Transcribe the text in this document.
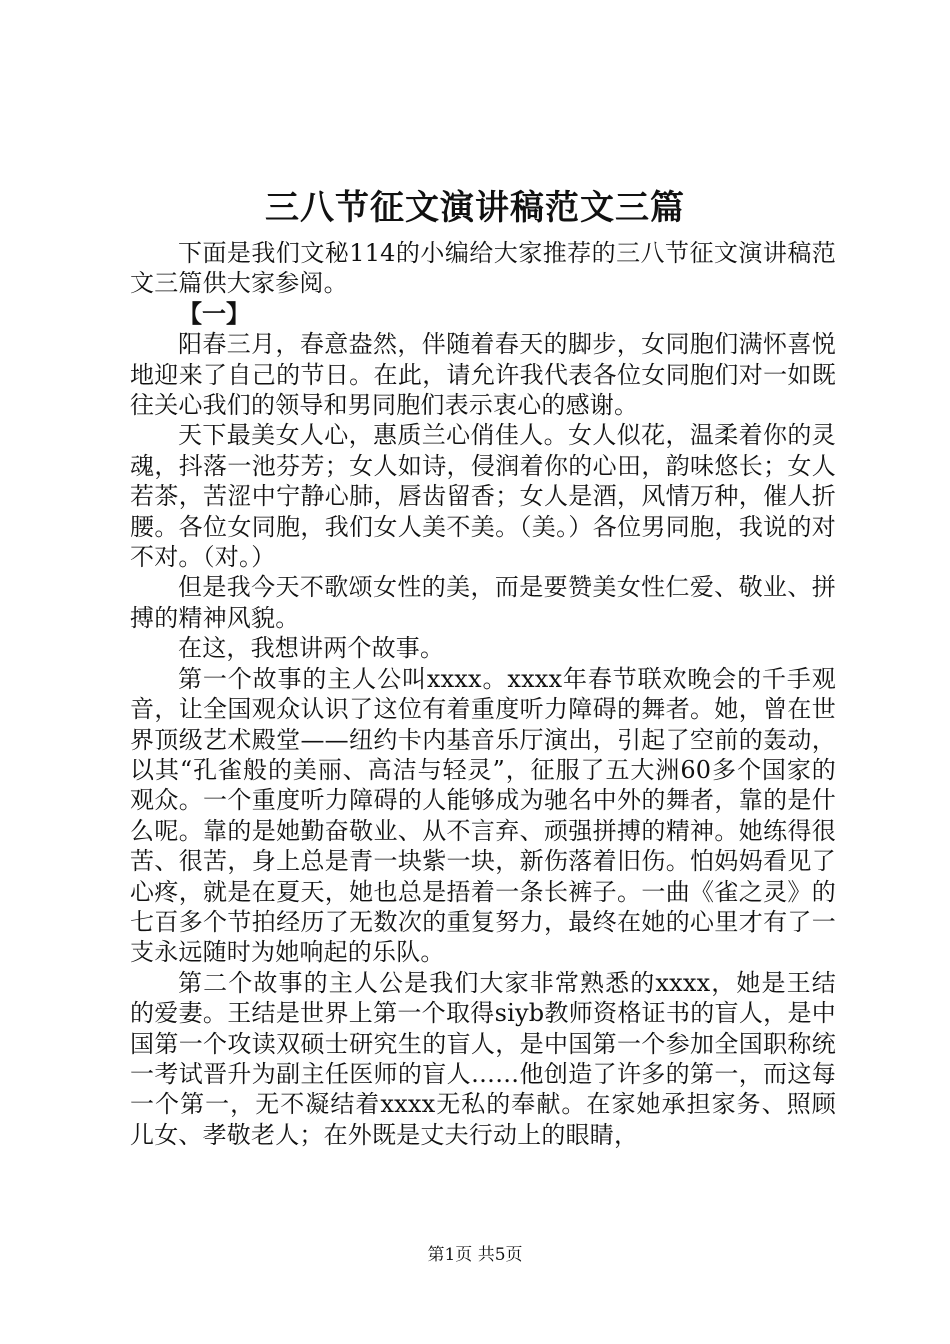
三八节征文演讲稿范文三篇

下面是我们文秘114的小编给大家推荐的三八节征文演讲稿范文三篇供大家参阅。

【一】

阳春三月，春意盎然，伴随着春天的脚步，女同胞们满怀喜悦地迎来了自己的节日。在此，请允许我代表各位女同胞们对一如既往关心我们的领导和男同胞们表示衷心的感谢。

天下最美女人心，惠质兰心俏佳人。女人似花，温柔着你的灵魂，抖落一池芬芳；女人如诗，侵润着你的心田，韵味悠长；女人若茶，苦涩中宁静心肺，唇齿留香；女人是酒，风情万种，催人折腰。各位女同胞，我们女人美不美。（美。）各位男同胞，我说的对不对。（对。）

但是我今天不歌颂女性的美，而是要赞美女性仁爱、敬业、拼搏的精神风貌。

在这，我想讲两个故事。

第一个故事的主人公叫xxxx。xxxx年春节联欢晚会的千手观音，让全国观众认识了这位有着重度听力障碍的舞者。她，曾在世界顶级艺术殿堂——纽约卡内基音乐厅演出，引起了空前的轰动，以其“孔雀般的美丽、高洁与轻灵”，征服了五大洲60多个国家的观众。一个重度听力障碍的人能够成为驰名中外的舞者，靠的是什么呢。靠的是她勤奋敬业、从不言弃、顽强拼搏的精神。她练得很苦、很苦，身上总是青一块紫一块，新伤落着旧伤。怕妈妈看见了心疼，就是在夏天，她也总是捂着一条长裤子。一曲《雀之灵》的七百多个节拍经历了无数次的重复努力，最终在她的心里才有了一支永远随时为她响起的乐队。

第二个故事的主人公是我们大家非常熟悉的xxxx，她是王结的爱妻。王结是世界上第一个取得siyb教师资格证书的盲人，是中国第一个攻读双硕士研究生的盲人，是中国第一个参加全国职称统一考试晋升为副主任医师的盲人……他创造了许多的第一，而这每一个第一，无不凝结着xxxx无私的奉献。在家她承担家务、照顾儿女、孝敬老人；在外既是丈夫行动上的眼睛，

第1页 共5页
